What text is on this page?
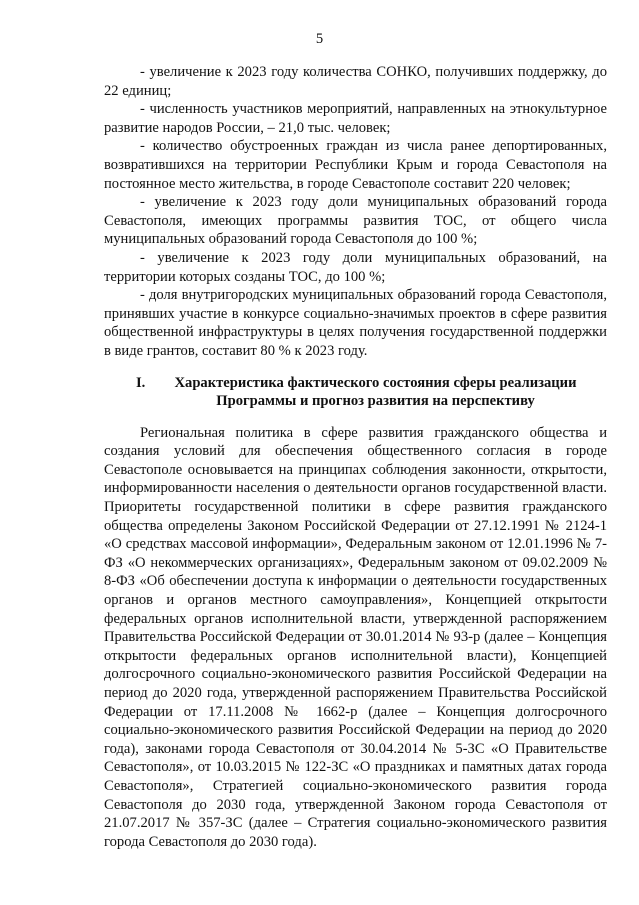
5

- увеличение к 2023 году количества СОНКО, получивших поддержку, до 22 единиц;

- численность участников мероприятий, направленных на этнокультурное развитие народов России, – 21,0 тыс. человек;

- количество обустроенных граждан из числа ранее депортированных, возвратившихся на территории Республики Крым и города Севастополя на постоянное место жительства, в городе Севастополе составит 220 человек;

- увеличение к 2023 году доли муниципальных образований города Севастополя, имеющих программы развития ТОС, от общего числа муниципальных образований города Севастополя до 100 %;

- увеличение к 2023 году доли муниципальных образований, на территории которых созданы ТОС, до 100 %;

- доля внутригородских муниципальных образований города Севастополя, принявших участие в конкурсе социально-значимых проектов в сфере развития общественной инфраструктуры в целях получения государственной поддержки в виде грантов, составит 80 % к 2023 году.

I.	Характеристика фактического состояния сферы реализации Программы и прогноз развития на перспективу

Региональная политика в сфере развития гражданского общества и создания условий для обеспечения общественного согласия в городе Севастополе основывается на принципах соблюдения законности, открытости, информированности населения о деятельности органов государственной власти. Приоритеты государственной политики в сфере развития гражданского общества определены Законом Российской Федерации от 27.12.1991 № 2124-1 «О средствах массовой информации», Федеральным законом от 12.01.1996 № 7-ФЗ «О некоммерческих организациях», Федеральным законом от 09.02.2009 № 8-ФЗ «Об обеспечении доступа к информации о деятельности государственных органов и органов местного самоуправления», Концепцией открытости федеральных органов исполнительной власти, утвержденной распоряжением Правительства Российской Федерации от 30.01.2014 № 93-р (далее – Концепция открытости федеральных органов исполнительной власти), Концепцией долгосрочного социально-экономического развития Российской Федерации на период до 2020 года, утвержденной распоряжением Правительства Российской Федерации от 17.11.2008 № 1662-р (далее – Концепция долгосрочного социально-экономического развития Российской Федерации на период до 2020 года), законами города Севастополя от 30.04.2014 № 5-ЗС «О Правительстве Севастополя», от 10.03.2015 № 122-ЗС «О праздниках и памятных датах города Севастополя», Стратегией социально-экономического развития города Севастополя до 2030 года, утвержденной Законом города Севастополя от 21.07.2017 № 357-ЗС (далее – Стратегия социально-экономического развития города Севастополя до 2030 года).
